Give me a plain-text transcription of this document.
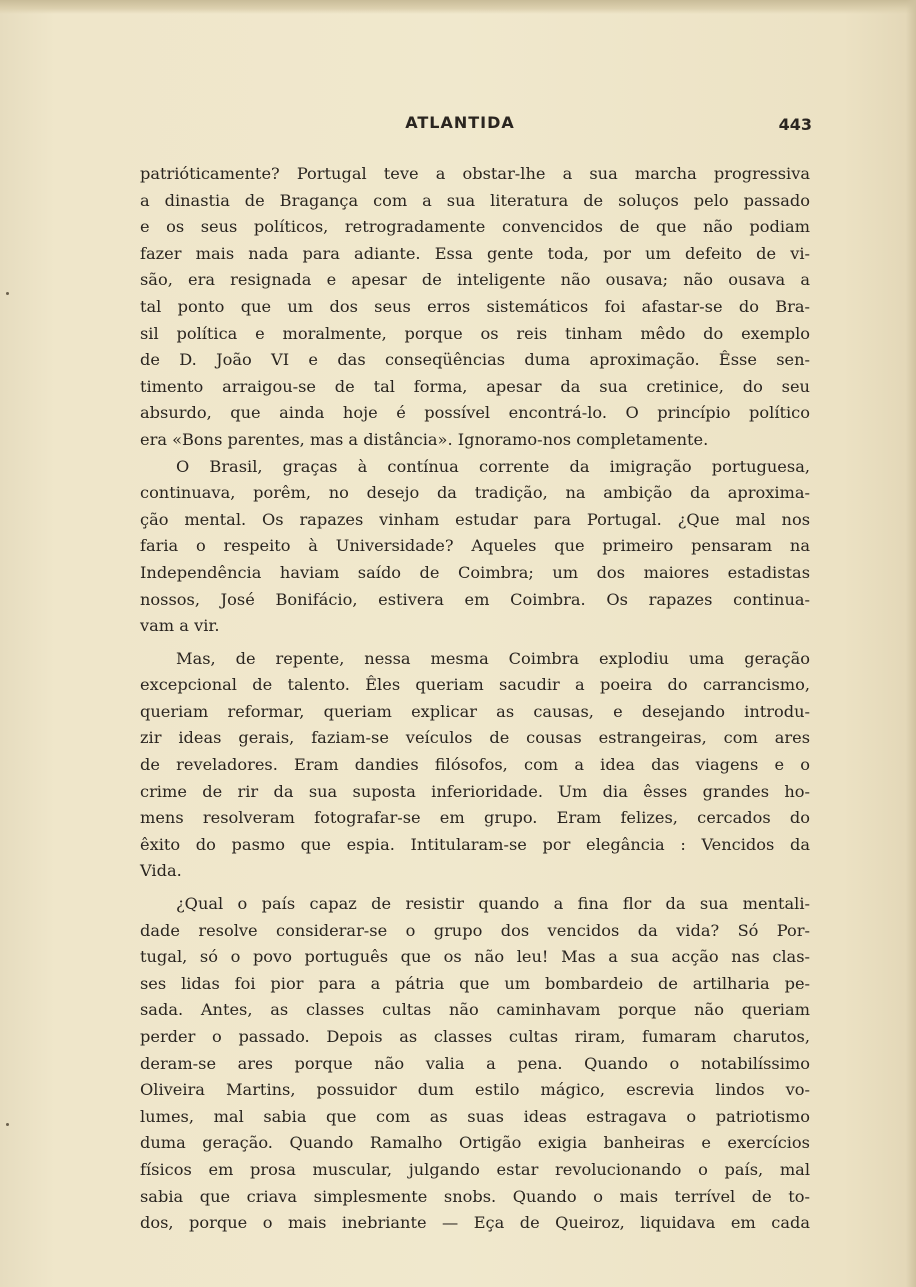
ATLANTIDA	443
patrióticamente? Portugal teve a obstar-lhe a sua marcha progressiva
a dinastia de Bragança com a sua literatura de soluços pelo passado
e os seus políticos, retrogradamente convencidos de que não podiam
fazer mais nada para adiante. Essa gente toda, por um defeito de vi-
são, era resignada e apesar de inteligente não ousava; não ousava a
tal ponto que um dos seus erros sistemáticos foi afastar-se do Bra-
sil política e moralmente, porque os reis tinham mêdo do exemplo
de D. João VI e das conseqüências duma aproximação. Êsse sen-
timento arraigou-se de tal forma, apesar da sua cretinice, do seu
absurdo, que ainda hoje é possível encontrá-lo. O princípio político
era «Bons parentes, mas a distância». Ignoramo-nos completamente.
O Brasil, graças à contínua corrente da imigração portuguesa,
continuava, porêm, no desejo da tradição, na ambição da aproxima-
ção mental. Os rapazes vinham estudar para Portugal. ¿Que mal nos
faria o respeito à Universidade? Aqueles que primeiro pensaram na
Independência haviam saído de Coimbra; um dos maiores estadistas
nossos, José Bonifácio, estivera em Coimbra. Os rapazes continua-
vam a vir.
Mas, de repente, nessa mesma Coimbra explodiu uma geração
excepcional de talento. Êles queriam sacudir a poeira do carrancismo,
queriam reformar, queriam explicar as causas, e desejando introdu-
zir ideas gerais, faziam-se veículos de cousas estrangeiras, com ares
de reveladores. Eram dandies filósofos, com a idea das viagens e o
crime de rir da sua suposta inferioridade. Um dia êsses grandes ho-
mens resolveram fotografar-se em grupo. Eram felizes, cercados do
êxito do pasmo que espia. Intitularam-se por elegância : Vencidos da
Vida.
¿Qual o país capaz de resistir quando a fina flor da sua mentali-
dade resolve considerar-se o grupo dos vencidos da vida? Só Por-
tugal, só o povo português que os não leu! Mas a sua acção nas clas-
ses lidas foi pior para a pátria que um bombardeio de artilharia pe-
sada. Antes, as classes cultas não caminhavam porque não queriam
perder o passado. Depois as classes cultas riram, fumaram charutos,
deram-se ares porque não valia a pena. Quando o notabilíssimo
Oliveira Martins, possuidor dum estilo mágico, escrevia lindos vo-
lumes, mal sabia que com as suas ideas estragava o patriotismo
duma geração. Quando Ramalho Ortigão exigia banheiras e exercícios
físicos em prosa muscular, julgando estar revolucionando o país, mal
sabia que criava simplesmente snobs. Quando o mais terrível de to-
dos, porque o mais inebriante — Eça de Queiroz, liquidava em cada
